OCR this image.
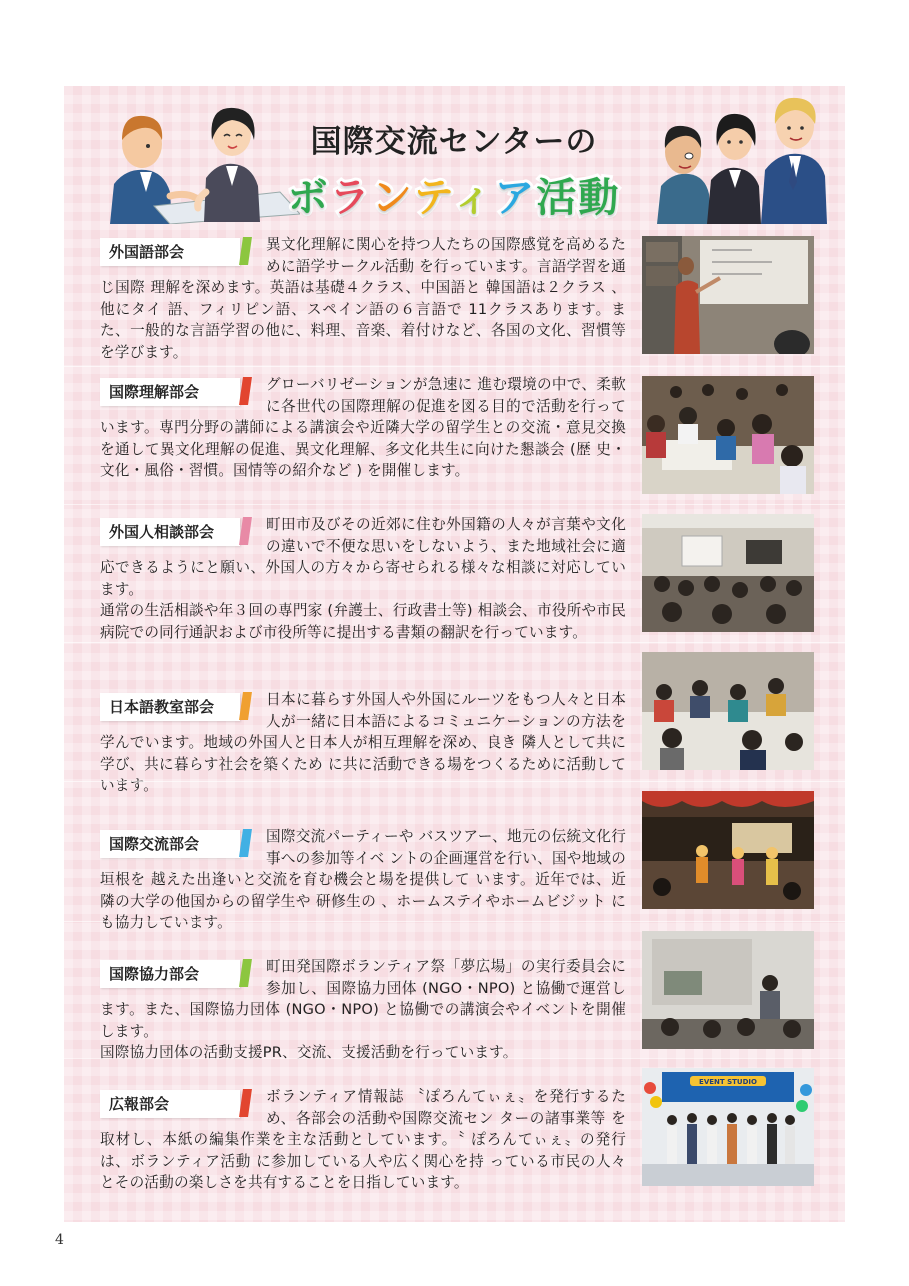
国際交流センターの
ボランティア活動
外国語部会	異文化理解に関心を持つ人たちの国際感覚を高めるために語学サークル活動 を行っています。言語学習を通じ国際 理解を深めます。英語は基礎４クラス、中国語と 韓国語は２クラス 、他にタイ 語、フィリピン語、スペイン語の６言語で 11クラスあります。また、一般的な言語学習の他に、料理、音楽、着付けなど、各国の文化、習慣等を学びます。
国際理解部会	グローバリゼーションが急速に 進む環境の中で、柔軟に各世代の国際理解の促進を図る目的で活動を行っています。専門分野の講師による講演会や近隣大学の留学生との交流・意見交換を通して異文化理解の促進、異文化理解、多文化共生に向けた懇談会 (歴 史・文化・風俗・習慣。国情等の紹介など ) を開催します。
外国人相談部会	町田市及びその近郊に住む外国籍の人々が言葉や文化の違いで不便な思いをしないよう、また地域社会に適応できるようにと願い、外国人の方々から寄せられる様々な相談に対応しています。
通常の生活相談や年３回の専門家 (弁護士、行政書士等) 相談会、市役所や市民病院での同行通訳および市役所等に提出する書類の翻訳を行っています。
日本語教室部会	日本に暮らす外国人や外国にルーツをもつ人々と日本人が一緒に日本語によるコミュニケーションの方法を学んでいます。地域の外国人と日本人が相互理解を深め、良き 隣人として共に学び、共に暮らす社会を築くため に共に活動できる場をつくるために活動しています。
国際交流部会	国際交流パーティーや バスツアー、地元の伝統文化行事への参加等イベ ントの企画運営を行い、国や地域の垣根を 越えた出逢いと交流を育む機会と場を提供して います。近年では、近隣の大学の他国からの留学生や 研修生の 、ホームステイやホームビジット にも協力しています。
国際協力部会	町田発国際ボランティア祭「夢広場」の実行委員会に参加し、国際協力団体 (NGO・NPO) と協働で運営します。また、国際協力団体 (NGO・NPO) と協働での講演会やイベントを開催します。
国際協力団体の活動支援PR、交流、支援活動を行っています。
広報部会	ボランティア情報誌 〝ぽろんてぃぇ〟を発行するため、各部会の活動や国際交流セン ターの諸事業等 を取材し、本紙の編集作業を主な活動としています。〝 ぽろんてぃぇ〟の発行は、ボランティア活動 に参加している人や広く関心を持 っている市民の人々とその活動の楽しさを共有することを日指しています。
EVENT STUDIO
4
